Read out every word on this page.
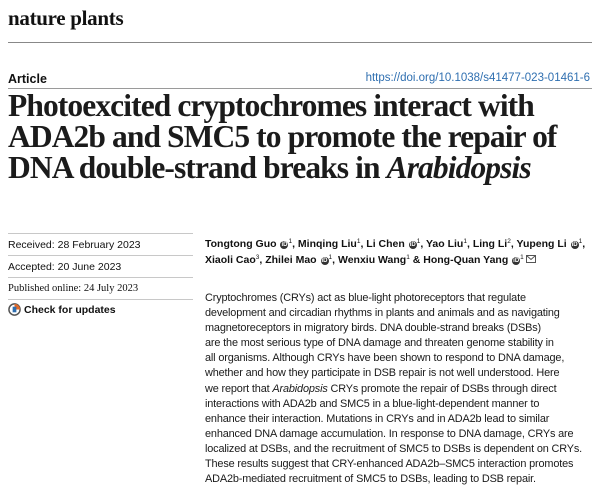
nature plants
Article	https://doi.org/10.1038/s41477-023-01461-6
Photoexcited cryptochromes interact with
ADA2b and SMC5 to promote the repair of
DNA double-strand breaks in Arabidopsis
Received: 28 February 2023
Accepted: 20 June 2023
Published online: 24 July 2023
Check for updates
Tongtong Guo $iD^1$, Minqing Liu$^1$, Li Chen $iD^1$, Yao Liu$^1$, Ling Li$^2$, Yupeng Li $iD^1$, Xiaoli Cao$^3$, Zhilei Mao $iD^1$, Wenxiu Wang$^1$ & Hong-Quan Yang $iD^1$
Cryptochromes (CRYs) act as blue-light photoreceptors that regulate
development and circadian rhythms in plants and animals and as navigating
magnetoreceptors in migratory birds. DNA double-strand breaks (DSBs)
are the most serious type of DNA damage and threaten genome stability in
all organisms. Although CRYs have been shown to respond to DNA damage,
whether and how they participate in DSB repair is not well understood. Here
we report that Arabidopsis CRYs promote the repair of DSBs through direct
interactions with ADA2b and SMC5 in a blue-light-dependent manner to
enhance their interaction. Mutations in CRYs and in ADA2b lead to similar
enhanced DNA damage accumulation. In response to DNA damage, CRYs are
localized at DSBs, and the recruitment of SMC5 to DSBs is dependent on CRYs.
These results suggest that CRY-enhanced ADA2b–SMC5 interaction promotes
ADA2b-mediated recruitment of SMC5 to DSBs, leading to DSB repair.
